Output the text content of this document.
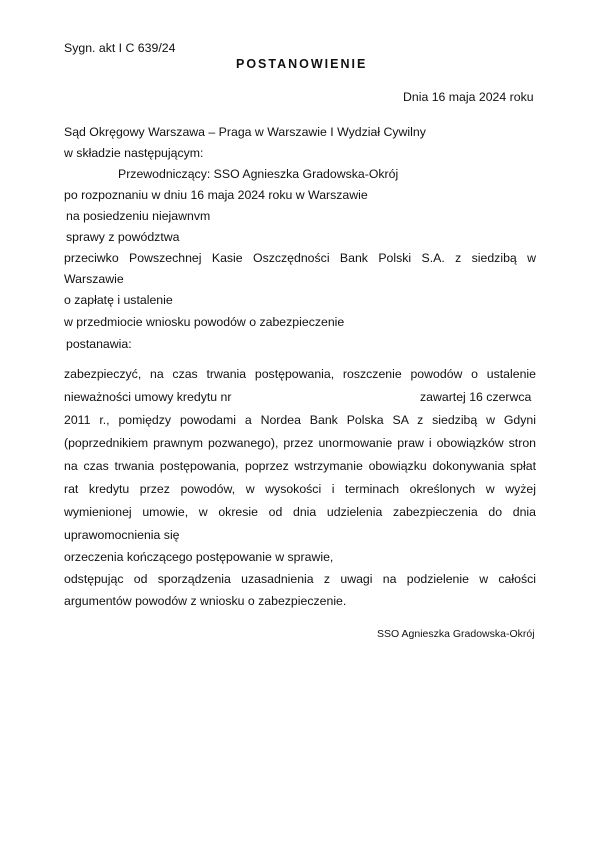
Sygn. akt I C 639/24
POSTANOWIENIE
Dnia 16 maja 2024 roku
Sąd Okręgowy Warszawa – Praga w Warszawie I Wydział Cywilny
w składzie następującym:
Przewodniczący: SSO Agnieszka Gradowska-Okrój
po rozpoznaniu w dniu 16 maja 2024 roku w Warszawie
na posiedzeniu niejawnvm
sprawy z powództwa
przeciwko Powszechnej Kasie Oszczędności Bank Polski S.A. z siedzibą w
Warszawie
o zapłatę i ustalenie
w przedmiocie wniosku powodów o zabezpieczenie
postanawia:
zabezpieczyć, na czas trwania postępowania, roszczenie powodów o ustalenie
nieważności umowy kredytu nr	zawartej 16 czerwca
2011 r., pomiędzy powodami a Nordea Bank Polska SA z siedzibą w Gdyni
(poprzednikiem prawnym pozwanego), przez unormowanie praw i obowiązków stron
na czas trwania postępowania, poprzez wstrzymanie obowiązku dokonywania spłat
rat kredytu przez powodów, w wysokości i terminach określonych w wyżej
wymienionej umowie, w okresie od dnia udzielenia zabezpieczenia do dnia
uprawomocnienia się
orzeczenia kończącego postępowanie w sprawie,
odstępując od sporządzenia uzasadnienia z uwagi na podzielenie w całości
argumentów powodów z wniosku o zabezpieczenie.
SSO Agnieszka Gradowska-Okrój
